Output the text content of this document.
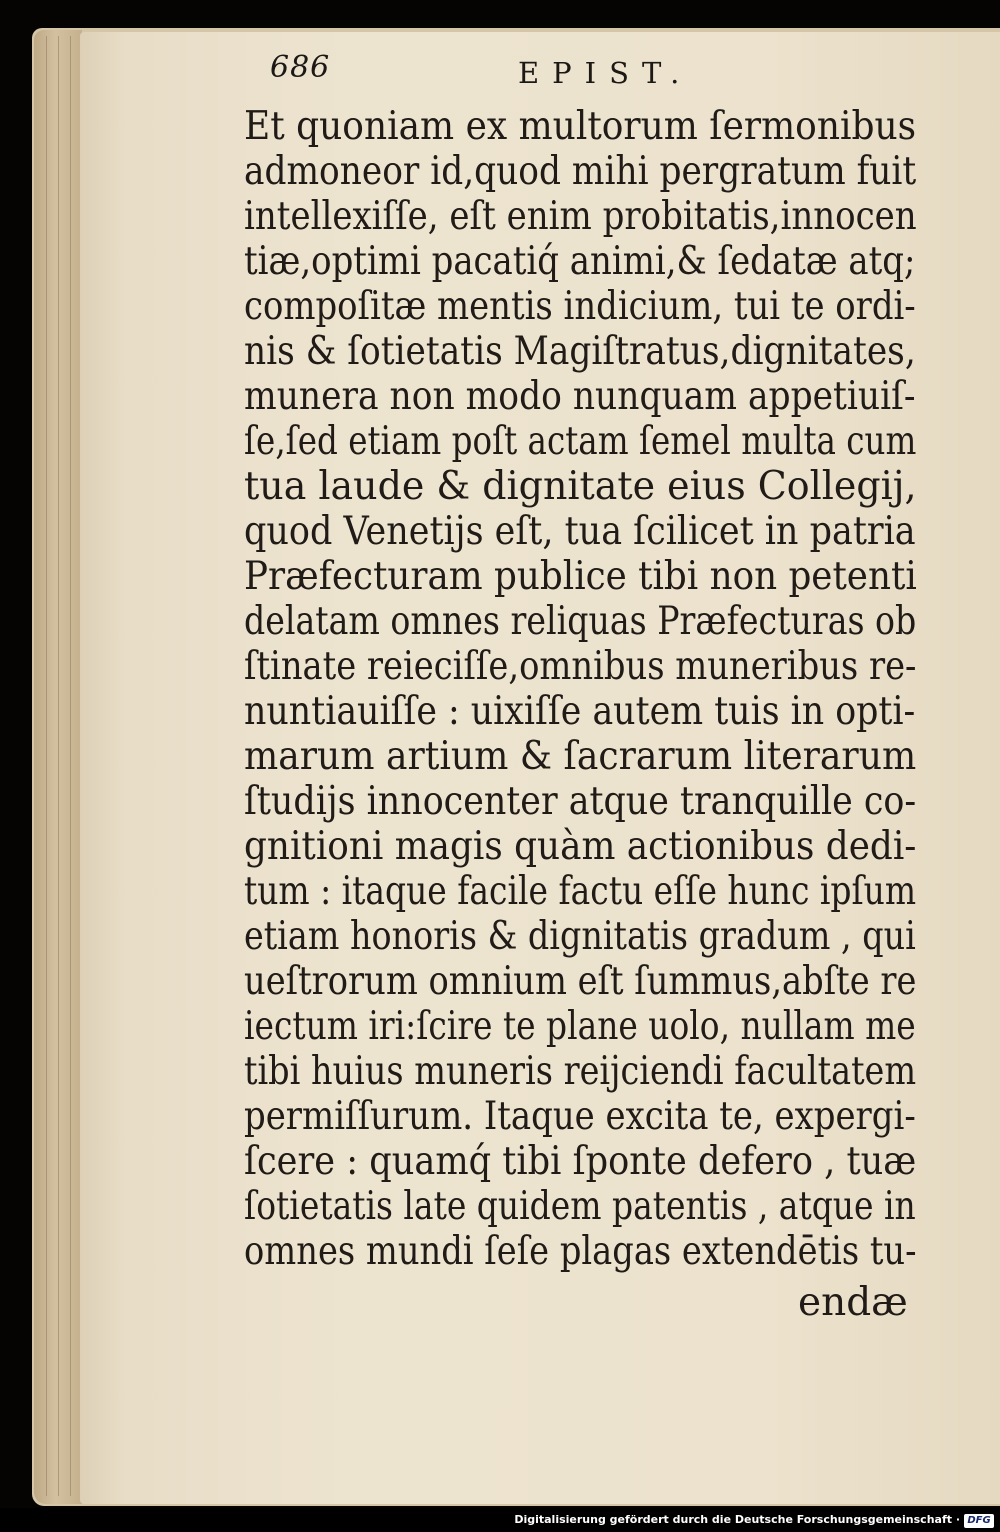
686	EPIST.
Et quoniam ex multorum ſermonibus
admoneor id,quod mihi pergratum fuit
intellexiſſe, eſt enim probitatis,innocen
tiæ,optimi pacatiq́ animi,& ſedatæ atq;
compoſitæ mentis indicium, tui te ordi-
nis & ſotietatis Magiſtratus,dignitates,
munera non modo nunquam appetiuiſ-
ſe,ſed etiam poſt actam ſemel multa cum
tua laude & dignitate eius Collegij,
quod Venetijs eſt, tua ſcilicet in patria
Præfecturam publice tibi non petenti
delatam omnes reliquas Præfecturas ob
ſtinate reieciſſe,omnibus muneribus re-
nuntiauiſſe : uixiſſe autem tuis in opti-
marum artium & ſacrarum literarum
ſtudijs innocenter atque tranquille co-
gnitioni magis quàm actionibus dedi-
tum : itaque facile factu eſſe hunc ipſum
etiam honoris & dignitatis gradum , qui
ueſtrorum omnium eſt ſummus,abſte re
iectum iri:ſcire te plane uolo, nullam me
tibi huius muneris reijciendi facultatem
permiſſurum. Itaque excita te, expergi-
ſcere : quamq́ tibi ſponte defero , tuæ
ſotietatis late quidem patentis , atque in
omnes mundi ſeſe plagas extendētis tu-
endæ
Digitalisierung gefördert durch die Deutsche Forschungsgemeinschaft · DFG
